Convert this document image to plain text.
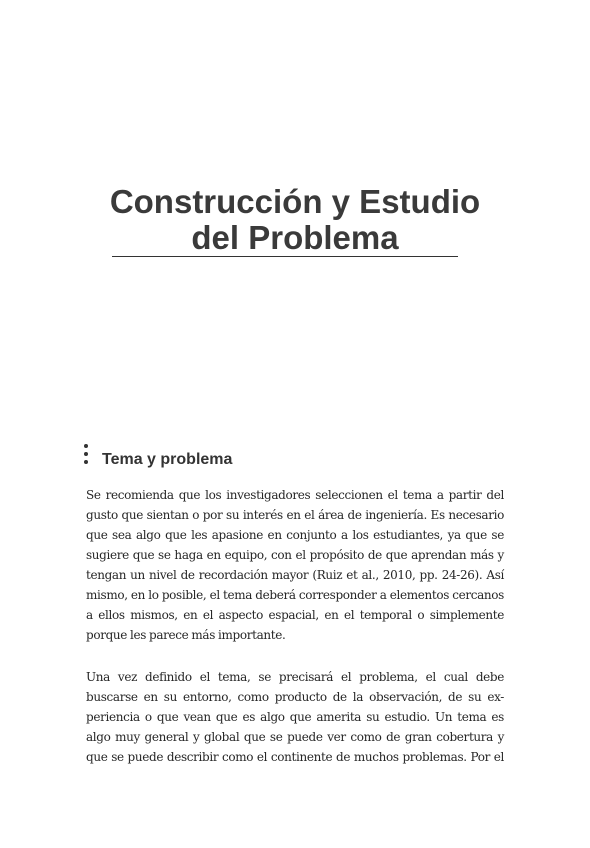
Construcción y Estudio
del Problema
Tema y problema

Se recomienda que los investigadores seleccionen el tema a partir del
gusto que sientan o por su interés en el área de ingeniería. Es necesario
que sea algo que les apasione en conjunto a los estudiantes, ya que se
sugiere que se haga en equipo, con el propósito de que aprendan más y
tengan un nivel de recordación mayor (Ruiz et al., 2010, pp. 24-26). Así
mismo, en lo posible, el tema deberá corresponder a elementos cercanos
a ellos mismos, en el aspecto espacial, en el temporal o simplemente
porque les parece más importante.

Una vez definido el tema, se precisará el problema, el cual debe
buscarse en su entorno, como producto de la observación, de su ex-
periencia o que vean que es algo que amerita su estudio. Un tema es
algo muy general y global que se puede ver como de gran cobertura y
que se puede describir como el continente de muchos problemas. Por el
